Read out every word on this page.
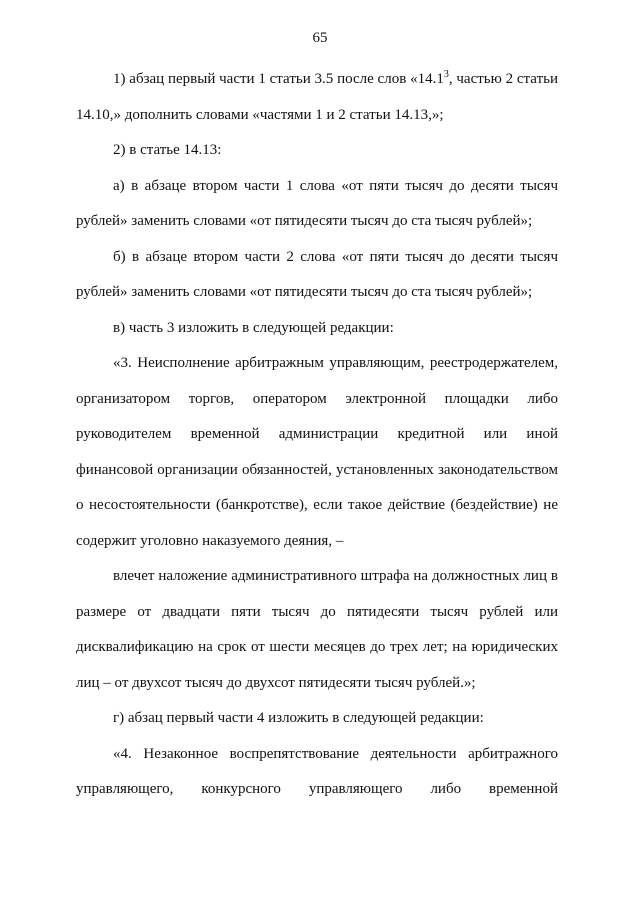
65

1) абзац первый части 1 статьи 3.5 после слов «14.1$^3$, частью 2 статьи 14.10,» дополнить словами «частями 1 и 2 статьи 14.13,»;

2) в статье 14.13:

а) в абзаце втором части 1 слова «от пяти тысяч до десяти тысяч рублей» заменить словами «от пятидесяти тысяч до ста тысяч рублей»;

б) в абзаце втором части 2 слова «от пяти тысяч до десяти тысяч рублей» заменить словами «от пятидесяти тысяч до ста тысяч рублей»;

в) часть 3 изложить в следующей редакции:

«3. Неисполнение арбитражным управляющим, реестродержателем, организатором торгов, оператором электронной площадки либо руководителем временной администрации кредитной или иной финансовой организации обязанностей, установленных законодательством о несостоятельности (банкротстве), если такое действие (бездействие) не содержит уголовно наказуемого деяния, –

влечет наложение административного штрафа на должностных лиц в размере от двадцати пяти тысяч до пятидесяти тысяч рублей или дисквалификацию на срок от шести месяцев до трех лет; на юридических лиц – от двухсот тысяч до двухсот пятидесяти тысяч рублей.»;

г) абзац первый части 4 изложить в следующей редакции:

«4. Незаконное воспрепятствование деятельности арбитражного управляющего, конкурсного управляющего либо временной
